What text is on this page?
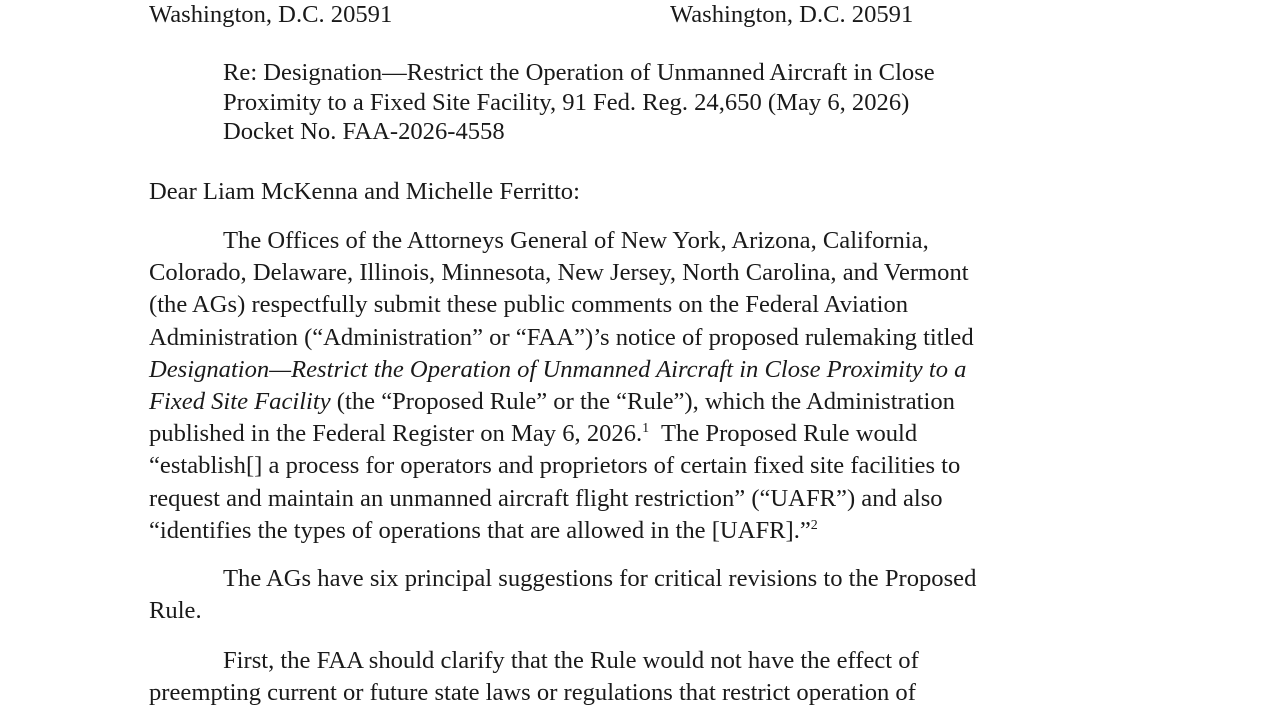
Washington, D.C. 20591	Washington, D.C. 20591
Re: Designation—Restrict the Operation of Unmanned Aircraft in Close
Proximity to a Fixed Site Facility, 91 Fed. Reg. 24,650 (May 6, 2026)
Docket No. FAA-2026-4558
Dear Liam McKenna and Michelle Ferritto:
The Offices of the Attorneys General of New York, Arizona, California,
Colorado, Delaware, Illinois, Minnesota, New Jersey, North Carolina, and Vermont
(the AGs) respectfully submit these public comments on the Federal Aviation
Administration (“Administration” or “FAA”)’s notice of proposed rulemaking titled
Designation—Restrict the Operation of Unmanned Aircraft in Close Proximity to a
Fixed Site Facility (the “Proposed Rule” or the “Rule”), which the Administration
published in the Federal Register on May 6, 2026.$^1$  The Proposed Rule would
“establish[] a process for operators and proprietors of certain fixed site facilities to
request and maintain an unmanned aircraft flight restriction” (“UAFR”) and also
“identifies the types of operations that are allowed in the [UAFR].”$^2$
The AGs have six principal suggestions for critical revisions to the Proposed
Rule.
First, the FAA should clarify that the Rule would not have the effect of
preempting current or future state laws or regulations that restrict operation of
